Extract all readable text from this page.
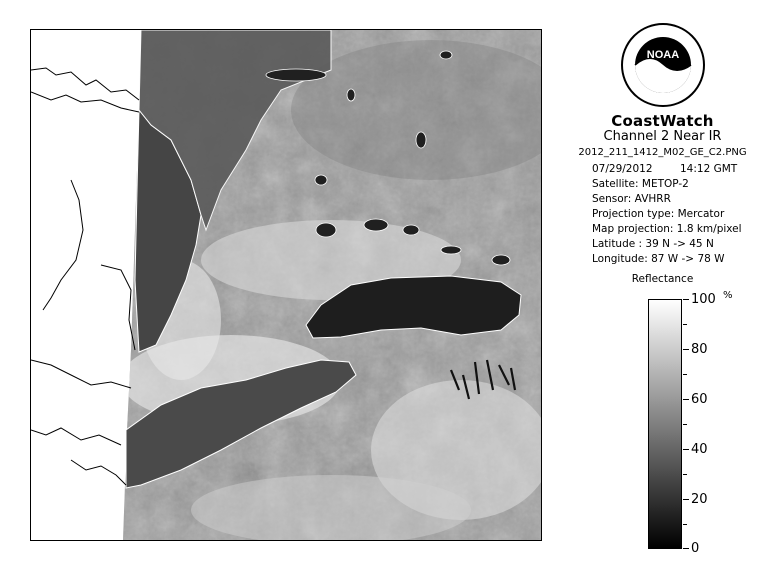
NOAA
CoastWatch
Channel 2 Near IR
2012_211_1412_M02_GE_C2.PNG
07/29/2012	14:12 GMT
Satellite: METOP-2
Sensor: AVHRR
Projection type: Mercator
Map projection: 1.8 km/pixel
Latitude : 39 N -> 45 N
Longitude: 87 W -> 78 W
Reflectance
%
100
80
60
40
20
0
